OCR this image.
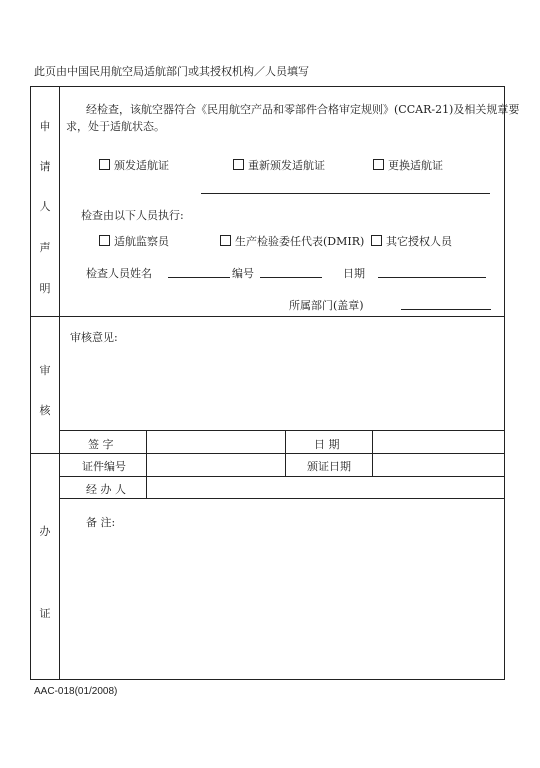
此页由中国民用航空局适航部门或其授权机构／人员填写
申
请
人
声
明
审
核
办
证
经检查，该航空器符合《民用航空产品和零部件合格审定规则》(CCAR-21)及相关规章要
求，处于适航状态。
颁发适航证	重新颁发适航证	更换适航证
检查由以下人员执行:
适航监察员	生产检验委任代表(DMIR)	其它授权人员
检查人员姓名	编号	日期
所属部门(盖章)
审核意见:
签 字	日 期
证件编号	颁证日期
经 办 人
备 注:
AAC-018(01/2008)
